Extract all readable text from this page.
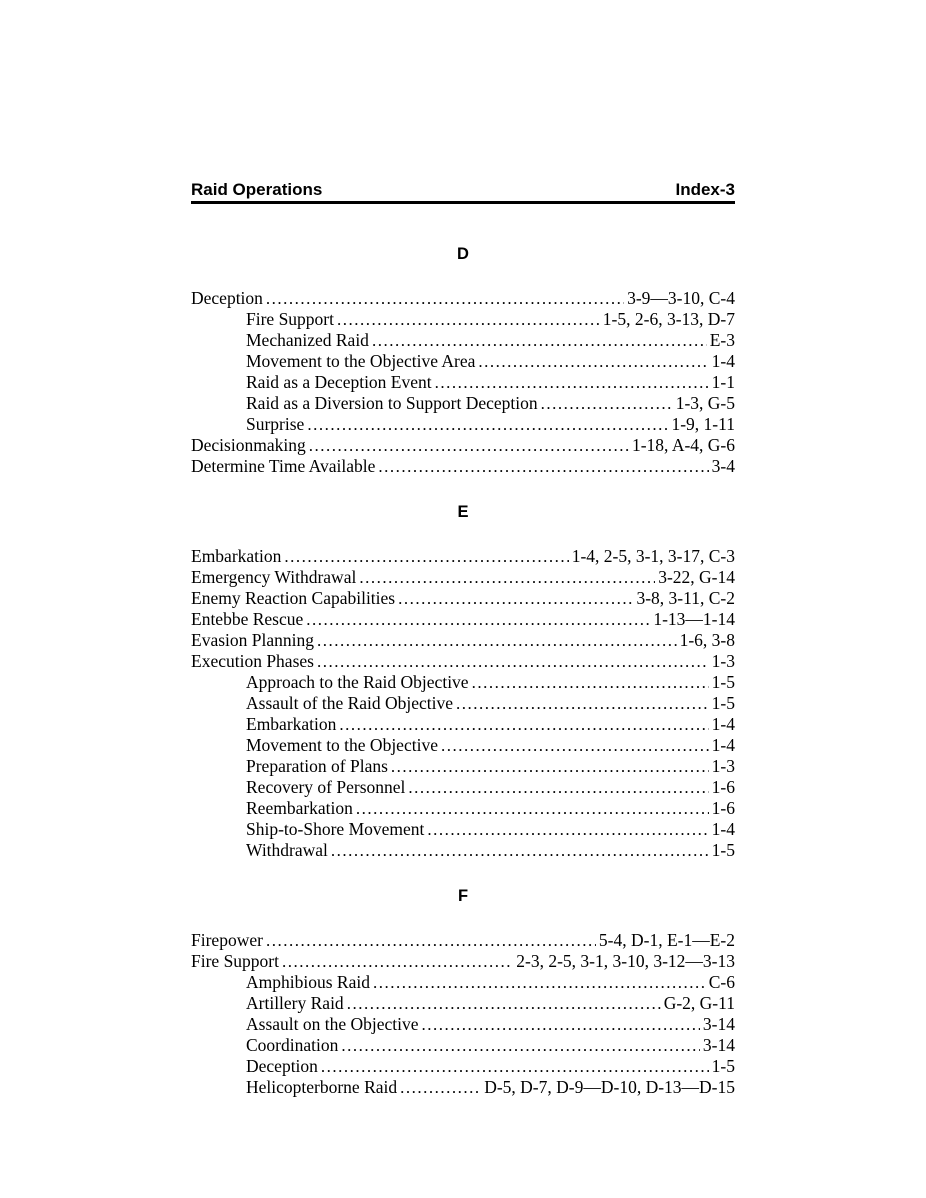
Raid Operations	Index-3
D
Deception .....	3-9—3-10, C-4
Fire Support .....	1-5, 2-6, 3-13, D-7
Mechanized Raid .....	E-3
Movement to the Objective Area .....	1-4
Raid as a Deception Event .....	1-1
Raid as a Diversion to Support Deception .....	1-3, G-5
Surprise .....	1-9, 1-11
Decisionmaking .....	1-18, A-4, G-6
Determine Time Available .....	3-4
E
Embarkation .....	1-4, 2-5, 3-1, 3-17, C-3
Emergency Withdrawal .....	3-22, G-14
Enemy Reaction Capabilities .....	3-8, 3-11, C-2
Entebbe Rescue .....	1-13—1-14
Evasion Planning .....	1-6, 3-8
Execution Phases .....	1-3
Approach to the Raid Objective .....	1-5
Assault of the Raid Objective .....	1-5
Embarkation .....	1-4
Movement to the Objective .....	1-4
Preparation of Plans .....	1-3
Recovery of Personnel .....	1-6
Reembarkation .....	1-6
Ship-to-Shore Movement .....	1-4
Withdrawal .....	1-5
F
Firepower .....	5-4, D-1, E-1—E-2
Fire Support .....	2-3, 2-5, 3-1, 3-10, 3-12—3-13
Amphibious Raid .....	C-6
Artillery Raid .....	G-2, G-11
Assault on the Objective .....	3-14
Coordination .....	3-14
Deception .....	1-5
Helicopterborne Raid .....	D-5, D-7, D-9—D-10, D-13—D-15
